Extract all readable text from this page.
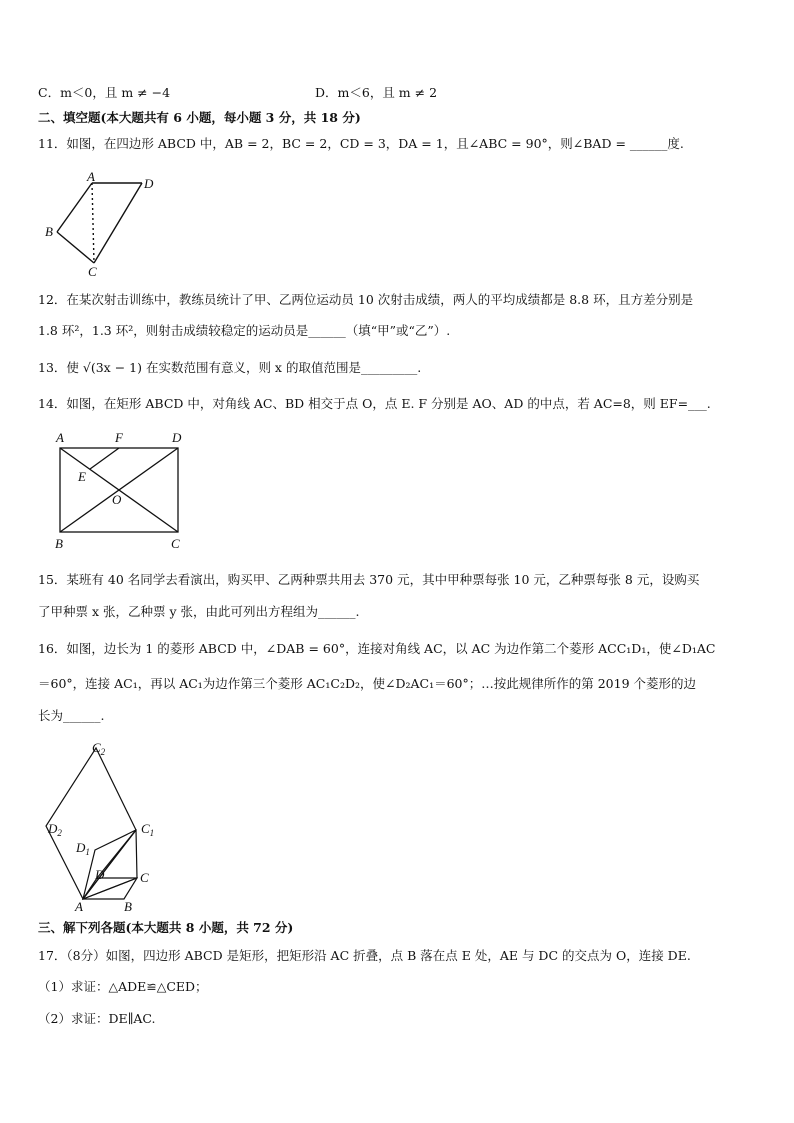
C．m＜0，且 m ≠ −4	D．m＜6，且 m ≠ 2
二、填空题(本大题共有 6 小题，每小题 3 分，共 18 分)
11．如图，在四边形 ABCD 中，AB = 2，BC = 2，CD = 3，DA = 1，且∠ABC = 90°，则∠BAD = ______度.
A	D
B
C
12．在某次射击训练中，教练员统计了甲、乙两位运动员 10 次射击成绩，两人的平均成绩都是 8.8 环，且方差分别是
1.8 环²，1.3 环²，则射击成绩较稳定的运动员是______（填“甲”或“乙”）.
13．使 √(3x − 1) 在实数范围有意义，则 x 的取值范围是_________.
14．如图，在矩形 ABCD 中，对角线 AC、BD 相交于点 O，点 E. F 分别是 AO、AD 的中点，若 AC=8，则 EF=___.
A	F	D
E
O
B	C
15．某班有 40 名同学去看演出，购买甲、乙两种票共用去 370 元，其中甲种票每张 10 元，乙种票每张 8 元，设购买
了甲种票 x 张，乙种票 y 张，由此可列出方程组为______.
16．如图，边长为 1 的菱形 ABCD 中，∠DAB = 60°，连接对角线 AC，以 AC 为边作第二个菱形 ACC₁D₁，使∠D₁AC
＝60°，连接 AC₁，再以 AC₁为边作第三个菱形 AC₁C₂D₂，使∠D₂AC₁＝60°；…按此规律所作的第 2019 个菱形的边
长为______.
$C_2$
$D_2$	$C_1$
$D_1$
D	C
A	B
三、解下列各题(本大题共 8 小题，共 72 分)
17．（8分）如图，四边形 ABCD 是矩形，把矩形沿 AC 折叠，点 B 落在点 E 处，AE 与 DC 的交点为 O，连接 DE.
（1）求证：△ADE≌△CED；
（2）求证：DE∥AC.
